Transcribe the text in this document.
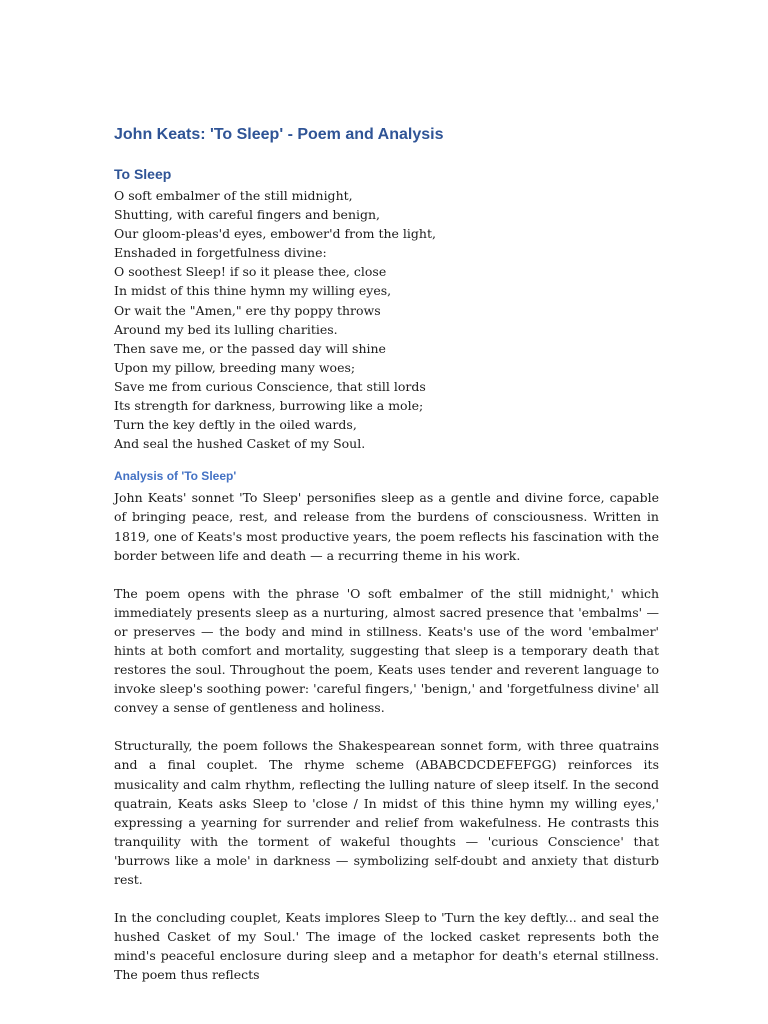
John Keats: 'To Sleep' - Poem and Analysis
To Sleep
O soft embalmer of the still midnight,
Shutting, with careful fingers and benign,
Our gloom-pleas'd eyes, embower'd from the light,
Enshaded in forgetfulness divine:
O soothest Sleep! if so it please thee, close
In midst of this thine hymn my willing eyes,
Or wait the "Amen," ere thy poppy throws
Around my bed its lulling charities.
Then save me, or the passed day will shine
Upon my pillow, breeding many woes;
Save me from curious Conscience, that still lords
Its strength for darkness, burrowing like a mole;
Turn the key deftly in the oiled wards,
And seal the hushed Casket of my Soul.
Analysis of 'To Sleep'

John Keats' sonnet 'To Sleep' personifies sleep as a gentle and divine force, capable of bringing peace, rest, and release from the burdens of consciousness. Written in 1819, one of Keats's most productive years, the poem reflects his fascination with the border between life and death — a recurring theme in his work.

The poem opens with the phrase 'O soft embalmer of the still midnight,' which immediately presents sleep as a nurturing, almost sacred presence that 'embalms' — or preserves — the body and mind in stillness. Keats's use of the word 'embalmer' hints at both comfort and mortality, suggesting that sleep is a temporary death that restores the soul. Throughout the poem, Keats uses tender and reverent language to invoke sleep's soothing power: 'careful fingers,' 'benign,' and 'forgetfulness divine' all convey a sense of gentleness and holiness.

Structurally, the poem follows the Shakespearean sonnet form, with three quatrains and a final couplet. The rhyme scheme (ABABCDCDEFEFGG) reinforces its musicality and calm rhythm, reflecting the lulling nature of sleep itself. In the second quatrain, Keats asks Sleep to 'close / In midst of this thine hymn my willing eyes,' expressing a yearning for surrender and relief from wakefulness. He contrasts this tranquility with the torment of wakeful thoughts — 'curious Conscience' that 'burrows like a mole' in darkness — symbolizing self-doubt and anxiety that disturb rest.

In the concluding couplet, Keats implores Sleep to 'Turn the key deftly... and seal the hushed Casket of my Soul.' The image of the locked casket represents both the mind's peaceful enclosure during sleep and a metaphor for death's eternal stillness. The poem thus reflects
